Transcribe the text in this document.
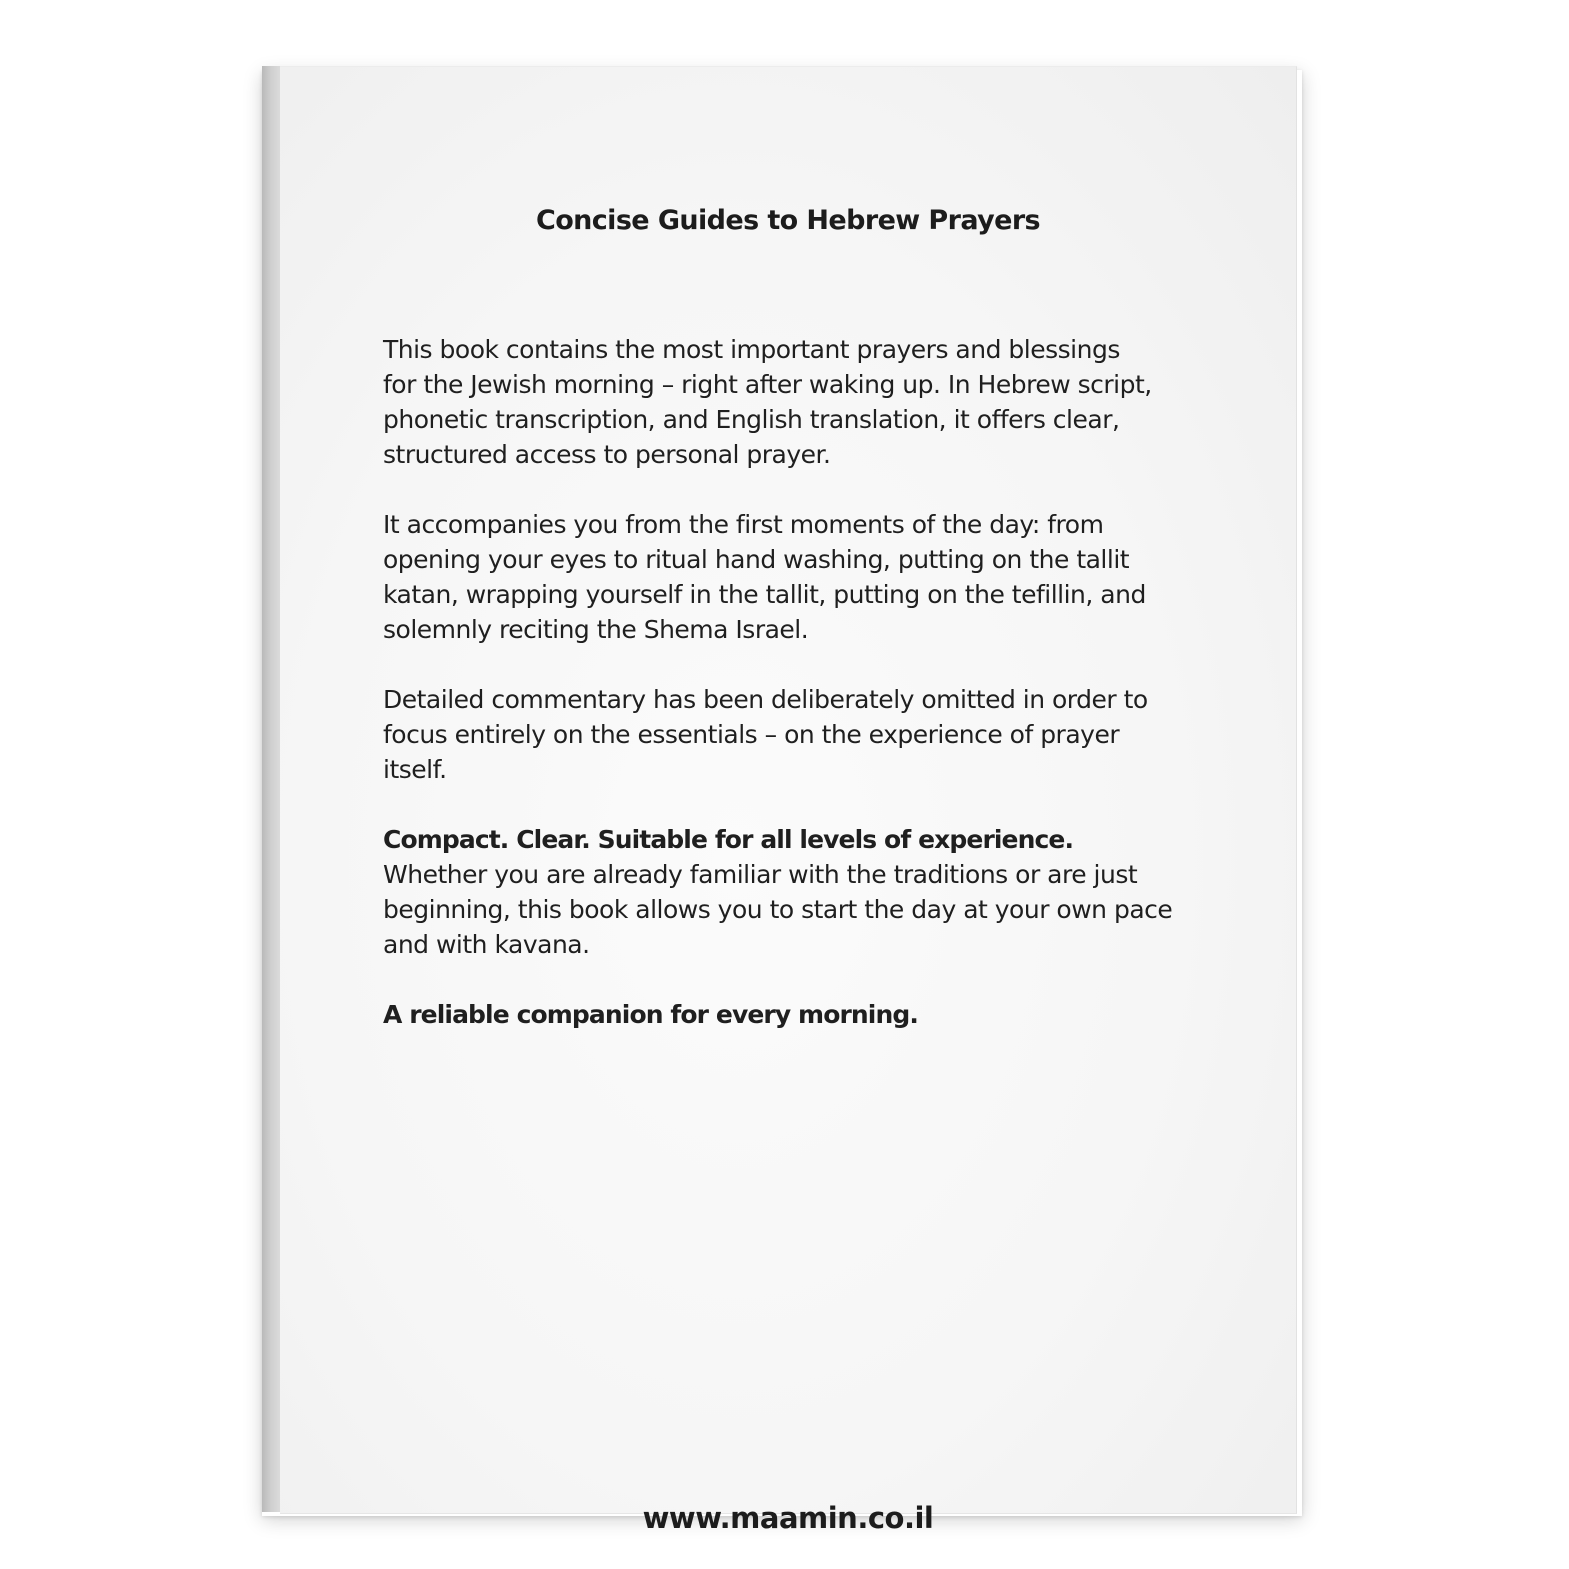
Concise Guides to Hebrew Prayers

This book contains the most important prayers and blessings
for the Jewish morning – right after waking up. In Hebrew script,
phonetic transcription, and English translation, it offers clear,
structured access to personal prayer.

It accompanies you from the first moments of the day: from
opening your eyes to ritual hand washing, putting on the tallit
katan, wrapping yourself in the tallit, putting on the tefillin, and
solemnly reciting the Shema Israel.

Detailed commentary has been deliberately omitted in order to
focus entirely on the essentials – on the experience of prayer
itself.

Compact. Clear. Suitable for all levels of experience.

Whether you are already familiar with the traditions or are just
beginning, this book allows you to start the day at your own pace
and with kavana.

A reliable companion for every morning.

www.maamin.co.il
